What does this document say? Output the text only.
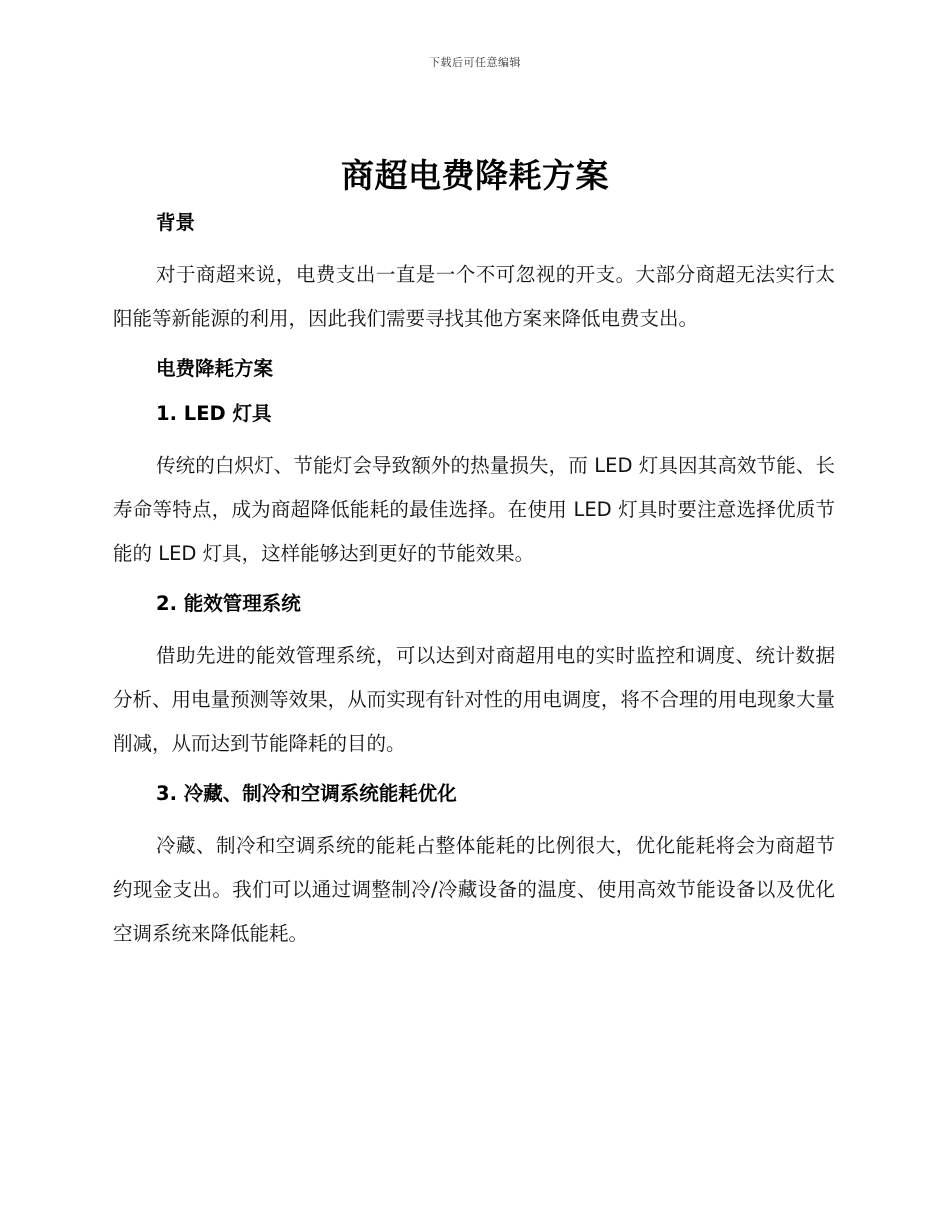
下载后可任意编辑
商超电费降耗方案
背景

对于商超来说，电费支出一直是一个不可忽视的开支。大部分商超无法实行太阳能等新能源的利用，因此我们需要寻找其他方案来降低电费支出。

电费降耗方案
1. LED 灯具

传统的白炽灯、节能灯会导致额外的热量损失，而 LED 灯具因其高效节能、长寿命等特点，成为商超降低能耗的最佳选择。在使用 LED 灯具时要注意选择优质节能的 LED 灯具，这样能够达到更好的节能效果。

2. 能效管理系统

借助先进的能效管理系统，可以达到对商超用电的实时监控和调度、统计数据分析、用电量预测等效果，从而实现有针对性的用电调度，将不合理的用电现象大量削减，从而达到节能降耗的目的。

3. 冷藏、制冷和空调系统能耗优化

冷藏、制冷和空调系统的能耗占整体能耗的比例很大，优化能耗将会为商超节约现金支出。我们可以通过调整制冷/冷藏设备的温度、使用高效节能设备以及优化空调系统来降低能耗。
